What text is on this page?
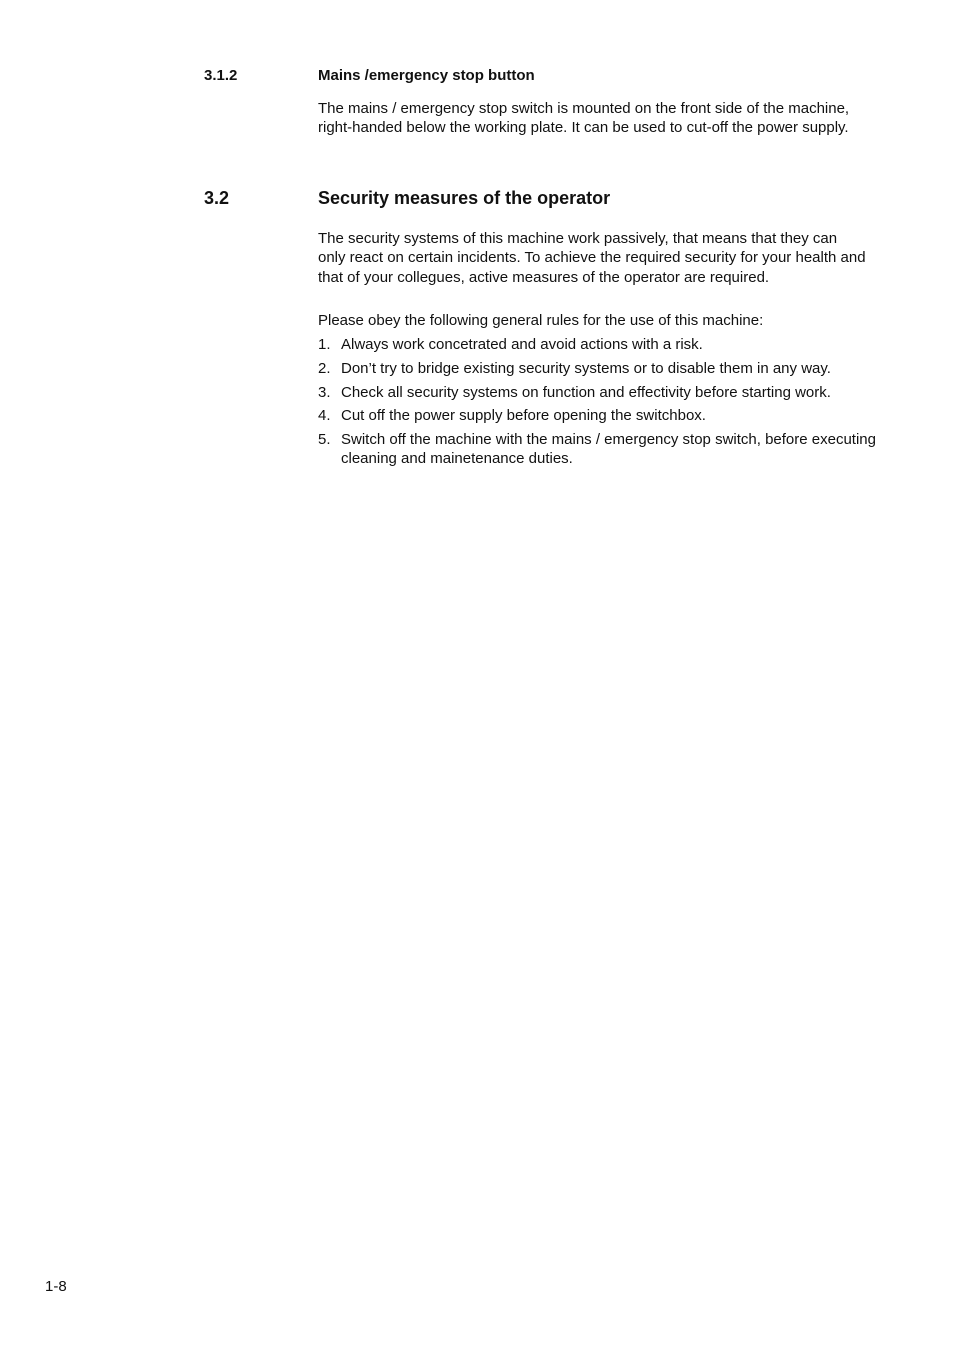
3.1.2	Mains /emergency stop button

The mains / emergency stop switch is mounted on the front side of the machine, right-handed below the working plate. It can be used to cut-off the power supply.

3.2	Security measures of the operator

The security systems of this machine work passively, that means that they can only react on certain incidents. To achieve the required security for your health and that of your collegues, active measures of the operator are required.

Please obey the following general rules for the use of this machine:

1. Always work concetrated and avoid actions with a risk.
2. Don’t try to bridge existing security systems or to disable them in any way.
3. Check all security systems on function and effectivity before starting work.
4. Cut off the power supply before opening the switchbox.
5. Switch off the machine with the mains / emergency stop switch, before executing cleaning and mainetenance duties.
1-8
